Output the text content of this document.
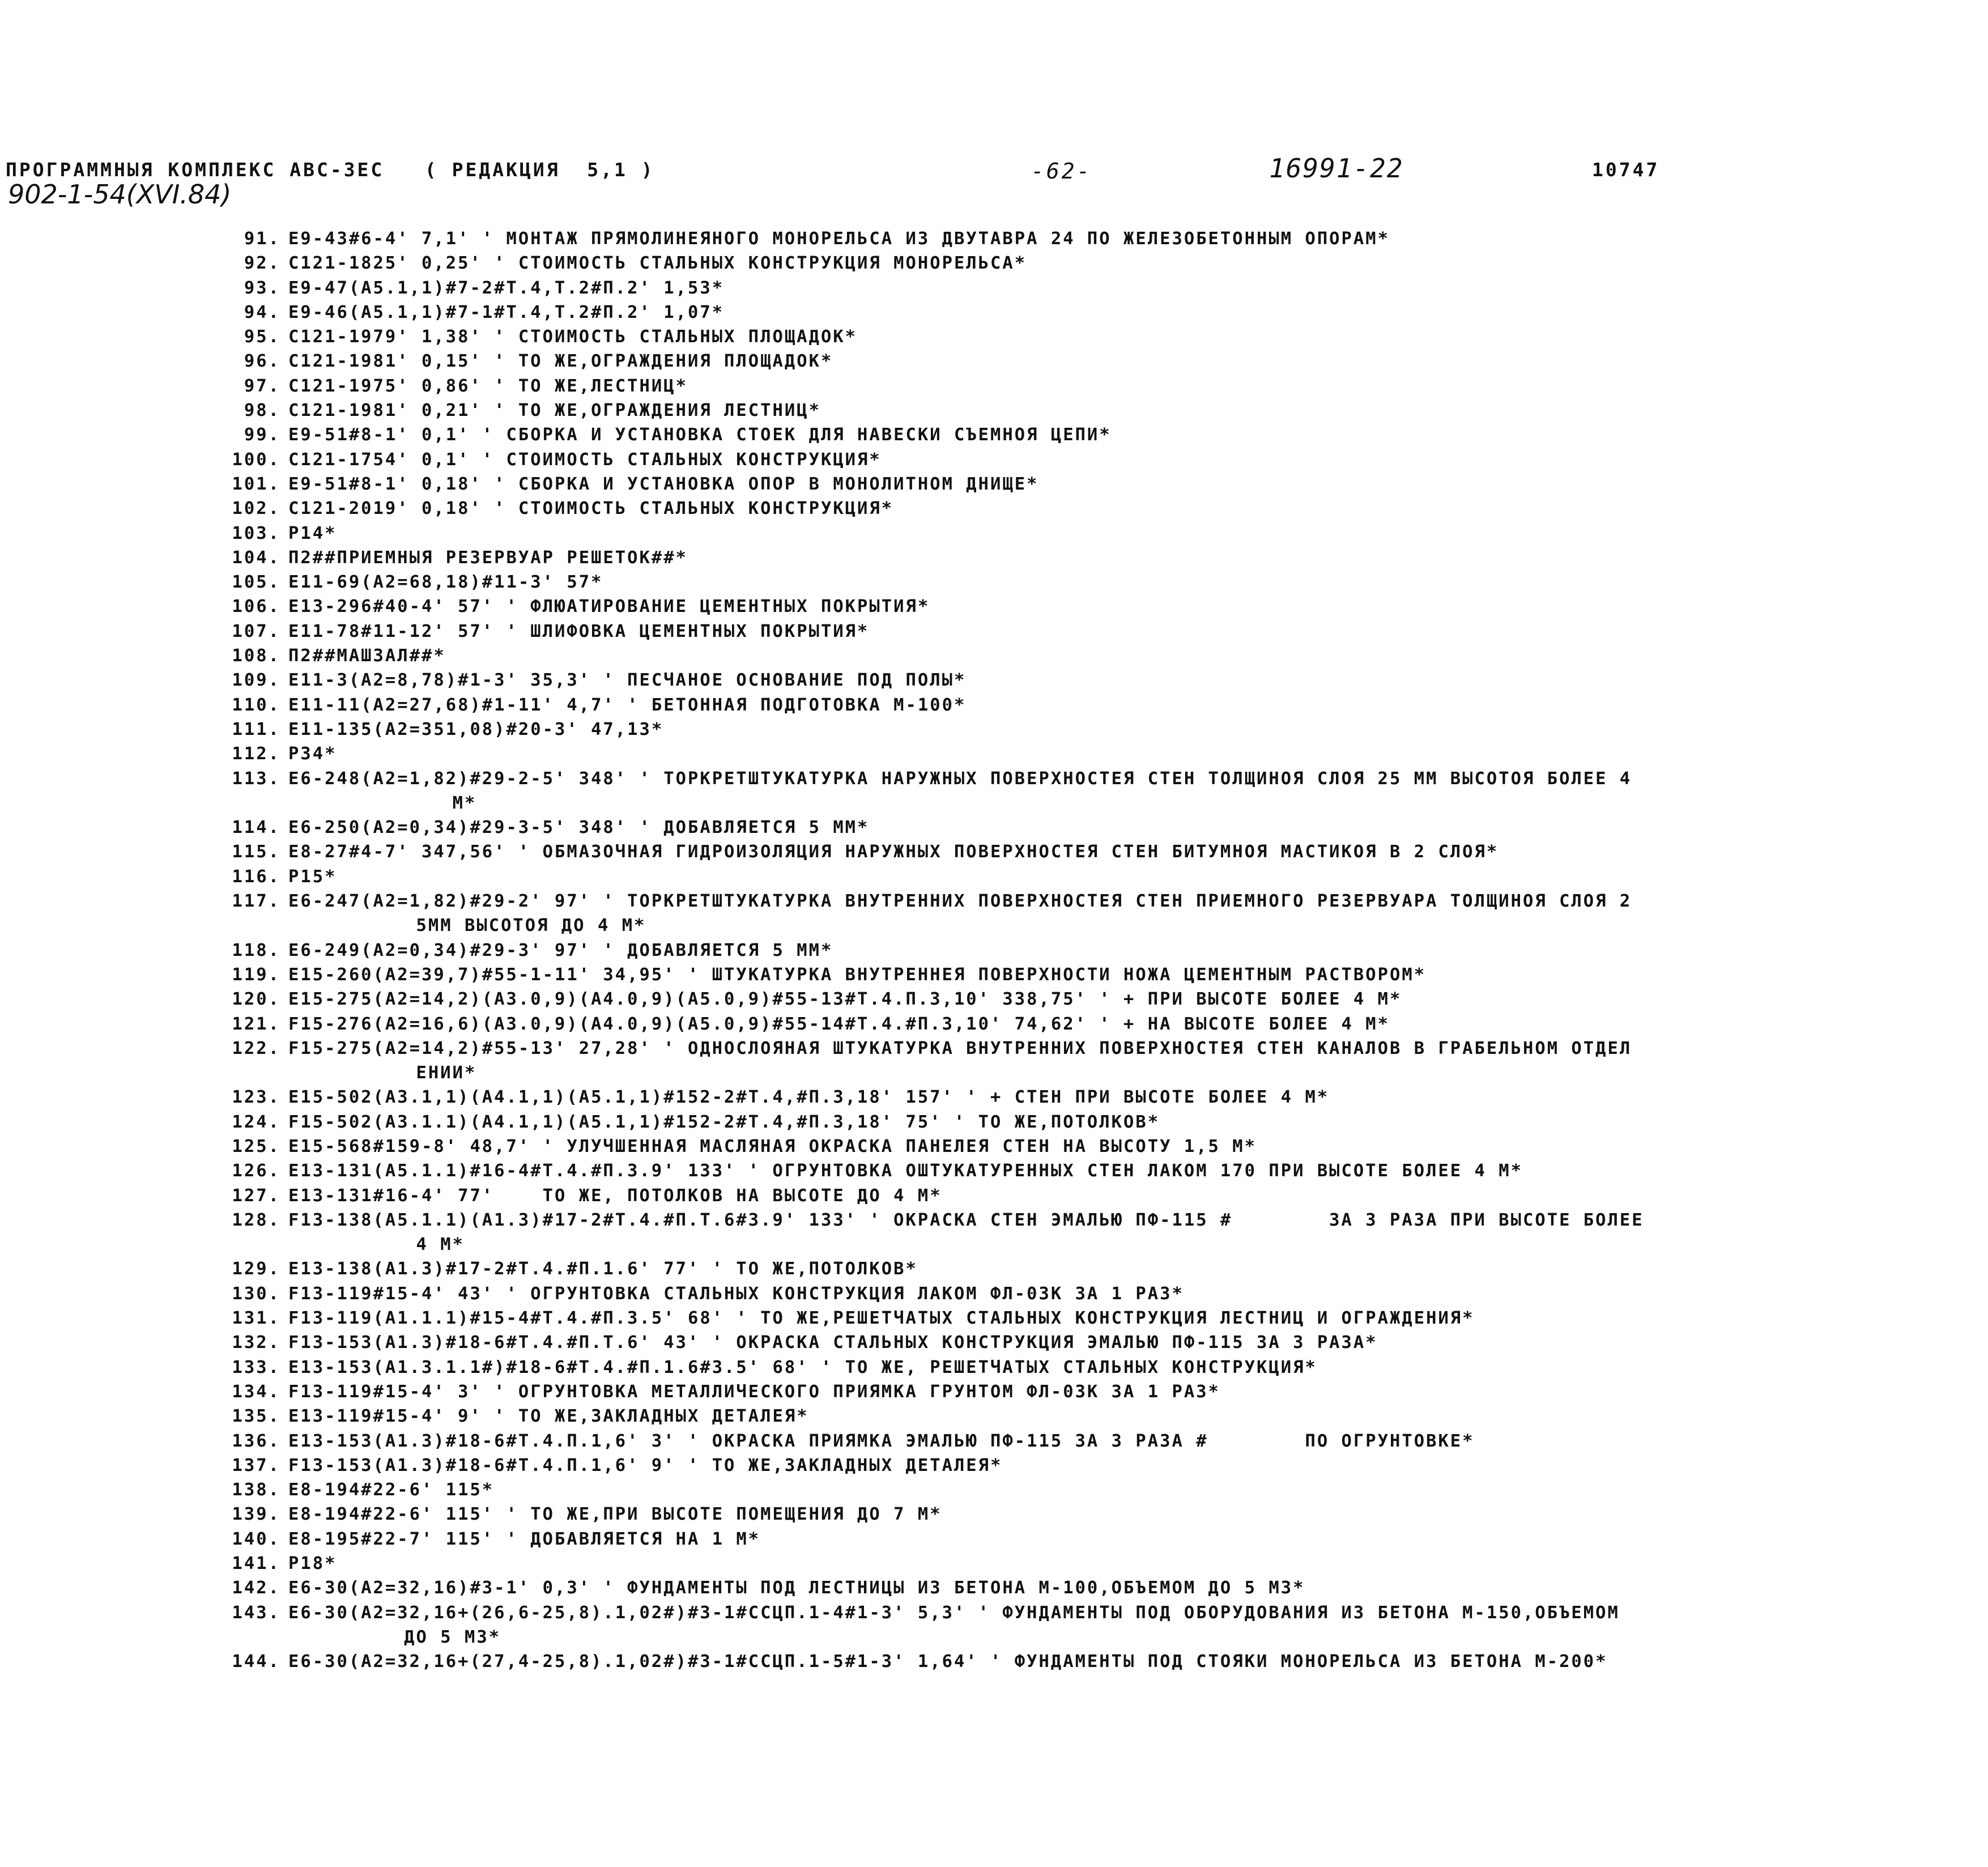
ПРОГРАММНЫЯ КОМПЛЕКС АВС-3ЕС   ( РЕДАКЦИЯ  5,1 )

	-62-

	16991-22

	10747

902-1-54(XVI.84)
91. E9-43#6-4' 7,1' ' МОНТАЖ ПРЯМОЛИНЕЯНОГО МОНОРЕЛЬСА ИЗ ДВУТАВРА 24 ПО ЖЕЛЕЗОБЕТОННЫМ ОПОРАМ*
92. C121-1825' 0,25' ' СТОИМОСТЬ СТАЛЬНЫХ КОНСТРУКЦИЯ МОНОРЕЛЬСА*
93. E9-47(A5.1,1)#7-2#T.4,T.2#П.2' 1,53*
94. E9-46(A5.1,1)#7-1#T.4,T.2#П.2' 1,07*
95. C121-1979' 1,38' ' СТОИМОСТЬ СТАЛЬНЫХ ПЛОЩАДОК*
96. C121-1981' 0,15' ' ТО ЖЕ,ОГРАЖДЕНИЯ ПЛОЩАДОК*
97. C121-1975' 0,86' ' ТО ЖЕ,ЛЕСТНИЦ*
98. C121-1981' 0,21' ' ТО ЖЕ,ОГРАЖДЕНИЯ ЛЕСТНИЦ*
99. E9-51#8-1' 0,1' ' СБОРКА И УСТАНОВКА СТОЕК ДЛЯ НАВЕСКИ СЪЕМНОЯ ЦЕПИ*
100. C121-1754' 0,1' ' СТОИМОСТЬ СТАЛЬНЫХ КОНСТРУКЦИЯ*
101. E9-51#8-1' 0,18' ' СБОРКА И УСТАНОВКА ОПОР В МОНОЛИТНОМ ДНИЩЕ*
102. C121-2019' 0,18' ' СТОИМОСТЬ СТАЛЬНЫХ КОНСТРУКЦИЯ*
103. P14*
104. П2##ПРИЕМНЫЯ РЕЗЕРВУАР РЕШЕТОК##*
105. E11-69(A2=68,18)#11-3' 57*
106. E13-296#40-4' 57' ' ФЛЮАТИРОВАНИЕ ЦЕМЕНТНЫХ ПОКРЫТИЯ*
107. E11-78#11-12' 57' ' ШЛИФОВКА ЦЕМЕНТНЫХ ПОКРЫТИЯ*
108. П2##МАШЗАЛ##*
109. E11-3(A2=8,78)#1-3' 35,3' ' ПЕСЧАНОЕ ОСНОВАНИЕ ПОД ПОЛЫ*
110. E11-11(A2=27,68)#1-11' 4,7' ' БЕТОННАЯ ПОДГОТОВКА М-100*
111. E11-135(A2=351,08)#20-3' 47,13*
112. P34*
113. E6-248(A2=1,82)#29-2-5' 348' ' ТОРКРЕТШТУКАТУРКА НАРУЖНЫХ ПОВЕРХНОСТЕЯ СТЕН ТОЛЩИНОЯ СЛОЯ 25 ММ ВЫСОТОЯ БОЛЕЕ 4
М*
114. E6-250(A2=0,34)#29-3-5' 348' ' ДОБАВЛЯЕТСЯ 5 ММ*
115. E8-27#4-7' 347,56' ' ОБМАЗОЧНАЯ ГИДРОИЗОЛЯЦИЯ НАРУЖНЫХ ПОВЕРХНОСТЕЯ СТЕН БИТУМНОЯ МАСТИКОЯ В 2 СЛОЯ*
116. P15*
117. E6-247(A2=1,82)#29-2' 97' ' ТОРКРЕТШТУКАТУРКА ВНУТРЕННИХ ПОВЕРХНОСТЕЯ СТЕН ПРИЕМНОГО РЕЗЕРВУАРА ТОЛЩИНОЯ СЛОЯ 2
5ММ ВЫСОТОЯ ДО 4 М*
118. E6-249(A2=0,34)#29-3' 97' ' ДОБАВЛЯЕТСЯ 5 ММ*
119. E15-260(A2=39,7)#55-1-11' 34,95' ' ШТУКАТУРКА ВНУТРЕННЕЯ ПОВЕРХНОСТИ НОЖА ЦЕМЕНТНЫМ РАСТВОРОМ*
120. E15-275(A2=14,2)(A3.0,9)(A4.0,9)(A5.0,9)#55-13#T.4.П.3,10' 338,75' ' + ПРИ ВЫСОТЕ БОЛЕЕ 4 М*
121. F15-276(A2=16,6)(A3.0,9)(A4.0,9)(A5.0,9)#55-14#T.4.#П.3,10' 74,62' ' + НА ВЫСОТЕ БОЛЕЕ 4 М*
122. F15-275(A2=14,2)#55-13' 27,28' ' ОДНОСЛОЯНАЯ ШТУКАТУРКА ВНУТРЕННИХ ПОВЕРХНОСТЕЯ СТЕН КАНАЛОВ В ГРАБЕЛЬНОМ ОТДЕЛ
ЕНИИ*
123. E15-502(A3.1,1)(A4.1,1)(A5.1,1)#152-2#T.4,#П.3,18' 157' ' + СТЕН ПРИ ВЫСОТЕ БОЛЕЕ 4 М*
124. F15-502(A3.1.1)(A4.1,1)(A5.1,1)#152-2#T.4,#П.3,18' 75' ' ТО ЖЕ,ПОТОЛКОВ*
125. E15-568#159-8' 48,7' ' УЛУЧШЕННАЯ МАСЛЯНАЯ ОКРАСКА ПАНЕЛЕЯ СТЕН НА ВЫСОТУ 1,5 М*
126. E13-131(A5.1.1)#16-4#T.4.#П.3.9' 133' ' ОГРУНТОВКА ОШТУКАТУРЕННЫХ СТЕН ЛАКОМ 170 ПРИ ВЫСОТЕ БОЛЕЕ 4 М*
127. E13-131#16-4' 77'    ТО ЖЕ, ПОТОЛКОВ НА ВЫСОТЕ ДО 4 М*
128. F13-138(A5.1.1)(A1.3)#17-2#T.4.#П.T.6#3.9' 133' ' ОКРАСКА СТЕН ЭМАЛЬЮ ПФ-115 #        ЗА 3 РАЗА ПРИ ВЫСОТЕ БОЛЕЕ
4 М*
129. E13-138(A1.3)#17-2#T.4.#П.1.6' 77' ' ТО ЖЕ,ПОТОЛКОВ*
130. F13-119#15-4' 43' ' ОГРУНТОВКА СТАЛЬНЫХ КОНСТРУКЦИЯ ЛАКОМ ФЛ-03К ЗА 1 РАЗ*
131. F13-119(A1.1.1)#15-4#T.4.#П.3.5' 68' ' ТО ЖЕ,РЕШЕТЧАТЫХ СТАЛЬНЫХ КОНСТРУКЦИЯ ЛЕСТНИЦ И ОГРАЖДЕНИЯ*
132. F13-153(A1.3)#18-6#T.4.#П.T.6' 43' ' ОКРАСКА СТАЛЬНЫХ КОНСТРУКЦИЯ ЭМАЛЬЮ ПФ-115 ЗА 3 РАЗА*
133. E13-153(A1.3.1.1#)#18-6#T.4.#П.1.6#3.5' 68' ' ТО ЖЕ, РЕШЕТЧАТЫХ СТАЛЬНЫХ КОНСТРУКЦИЯ*
134. F13-119#15-4' 3' ' ОГРУНТОВКА МЕТАЛЛИЧЕСКОГО ПРИЯМКА ГРУНТОМ ФЛ-03К ЗА 1 РАЗ*
135. E13-119#15-4' 9' ' ТО ЖЕ,ЗАКЛАДНЫХ ДЕТАЛЕЯ*
136. E13-153(A1.3)#18-6#T.4.П.1,6' 3' ' ОКРАСКА ПРИЯМКА ЭМАЛЬЮ ПФ-115 ЗА 3 РАЗА #        ПО ОГРУНТОВКЕ*
137. F13-153(A1.3)#18-6#T.4.П.1,6' 9' ' ТО ЖЕ,ЗАКЛАДНЫХ ДЕТАЛЕЯ*
138. E8-194#22-6' 115*
139. E8-194#22-6' 115' ' ТО ЖЕ,ПРИ ВЫСОТЕ ПОМЕЩЕНИЯ ДО 7 М*
140. E8-195#22-7' 115' ' ДОБАВЛЯЕТСЯ НА 1 М*
141. P18*
142. E6-30(A2=32,16)#3-1' 0,3' ' ФУНДАМЕНТЫ ПОД ЛЕСТНИЦЫ ИЗ БЕТОНА М-100,ОБЪЕМОМ ДО 5 М3*
143. E6-30(A2=32,16+(26,6-25,8).1,02#)#3-1#ССЦП.1-4#1-3' 5,3' ' ФУНДАМЕНТЫ ПОД ОБОРУДОВАНИЯ ИЗ БЕТОНА М-150,ОБЪЕМОМ
ДО 5 М3*
144. E6-30(A2=32,16+(27,4-25,8).1,02#)#3-1#ССЦП.1-5#1-3' 1,64' ' ФУНДАМЕНТЫ ПОД СТОЯКИ МОНОРЕЛЬСА ИЗ БЕТОНА М-200*
